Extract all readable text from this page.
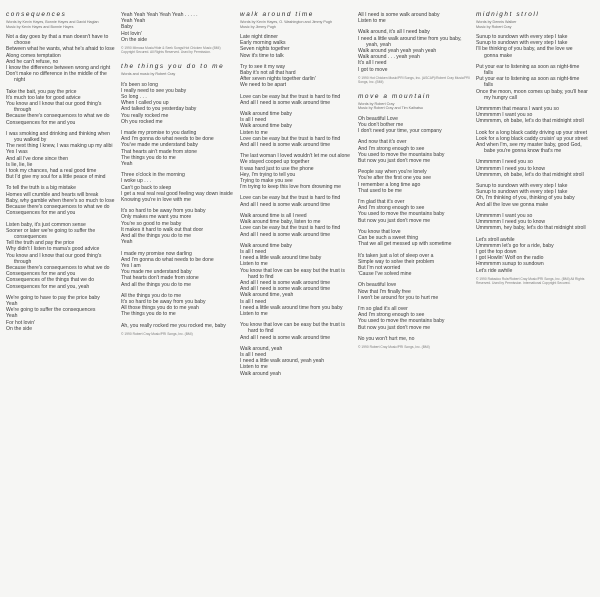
consequences
Words by Kevin Hayes, Bonnie Hayes and David Haglan
Music by Kevin Hayes and Bonnie Hayes
Not a day goes by that a man doesn't have to choose
Between what he wants, what he's afraid to lose
Along comes temptation
And he can't refuse, no
I know the difference between wrong and right
Don't make no difference in the middle of the night
Take the bait, you pay the price
It's much too late for good advice
You know and I know that our good thing's through
Because there's consequences to what we do
Consequences for me and you
I was smoking and drinking and thinking when you walked by
The next thing I knew, I was making up my alibi
Yes I was
And all I've done since then
Is lie, lie, lie
I took my chances, had a real good time
But I'd give my soul for a little peace of mind
To tell the truth is a big mistake
Homes will crumble and hearts will break
Baby, why gamble when there's so much to lose
Because there's consequences to what we do
Consequences for me and you
Listen baby, it's just common sense
Sooner or later we're going to suffer the consequences
Tell the truth and pay the price
Why didn't I listen to mama's good advice
You know and I know that our good thing's through
Because there's consequences to what we do
Consequences for me and you
Consequences of the things that we do
Consequences for me and you, yeah
We're going to have to pay the price baby
Yeah
We're going to suffer the consequences
Yeah
For hot lovin'
On the side
Yeah Yeah Yeah Yeah Yeah . . . . .
Yeah Yeah
Baby
Hot lovin'
On the side
© 1990 Mimosa Music/Hide & Seek Songs/Hot Chicken Music (BMI) Copyright Secured. All Rights Reserved. Used by Permission.
the things you do to me
Words and music by Robert Cray
It's been so long
I really need to see you baby
So long . . .
When I called you up
And talked to you yesterday baby
You really rocked me
Oh you rocked me
I made my promise to you darling
And I'm gonna do what needs to be done
You've made me understand baby
That hearts ain't made from stone
The things you do to me
Yeah
Three o'clock in the morning
I woke up . . .
Can't go back to sleep
I get a real real real good feeling way down inside
Knowing you're in love with me
It's so hard to be away from you baby
Only makes me want you more
You're so good to me baby
It makes it hard to walk out that door
And all the things you do to me
Yeah
I made my promise now darling
And I'm gonna do what needs to be done
Yes I am
You made me understand baby
That hearts don't made from stone
And all the things you do to me
All the things you do to me
It's so hard to be away from you baby
All those things you do to me yeah
The things you do to me
Ah, you really rocked me you rocked me, baby
© 1990 Robert Cray Music/PRI Songs, Inc. (BMI)
walk around time
Words by Kevin Hayes, O. Washington and Jimmy Pugh
Music by Jimmy Pugh
Late night dinner
Early morning walks
Seven nights together
Now it's time to talk
Try to see it my way
Baby it's not all that hard
After seven nights together darlin'
We need to be apart
Love can be easy but the trust is hard to find
And all I need is some walk around time
Walk around time baby
Is all I need
Walk around time baby
Listen to me
Love can be easy but the trust is hard to find
And all I need is some walk around time
The last woman I loved wouldn't let me out alone
We stayed cooped up together
It was hard just to use the phone
Hey, I'm trying to tell you
Trying to make you see
I'm trying to keep this love from drowning me
Love can be easy but the trust is hard to find
And all I need is some walk around time
Walk around time is all I need
Walk around time baby, listen to me
Love can be easy but the trust is hard to find
And all I need is some walk around time
Walk around time baby
Is all I need
I need a little walk around time baby
Listen to me
You know that love can be easy but the trust is hard to find
And all I need is some walk around time
And all I need is some walk around time
Walk around time, yeah
Is all I need
I need a little walk around time from you baby
Listen to me
You know that love can be easy but the trust is hard to find
And all I need is some walk around time
Walk around, yeah
Is all I need
I need a little walk around, yeah yeah
Listen to me
Walk around yeah
All I need is some walk around baby
Listen to me
Walk around, it's all I need baby
I need a little walk around time from you baby, yeah, yeah
Walk around yeah yeah yeah yeah
Walk around . . . yeah yeah
It's all I need
I got to move
© 1990 Hot Chicken Music/PRI Songs, Inc. (ASCAP)/Robert Cray Music/PRI Songs, Inc. (BMI)
move a mountain
Words by Robert Cray
Music by Robert Cray and Tim Kaihatsu
Oh beautiful Love
You don't bother me
I don't need your time, your company
And now that it's over
And I'm strong enough to see
You used to move the mountains baby
But now you just don't move me
People say when you're lonely
You're after the first one you see
I remember a long time ago
That used to be me
I'm glad that it's over
And I'm strong enough to see
You used to move the mountains baby
But now you just don't move me
You know that love
Can be such a sweet thing
That we all get messed up with sometime
It's taken just a lot of sleep over a
Simple way to solve their problem
But I'm not worried
'Cause I've solved mine
Oh beautiful love
Now that I'm finally free
I won't be around for you to hurt me
I'm so glad it's all over
And I'm strong enough to see
You used to move the mountains baby
But now you just don't move me
No you won't hurt me, no
© 1990 Robert Cray Music/PRI Songs, Inc. (BMI)
midnight stroll
Words by Dennis Walker
Music by Robert Cray
Sunup to sundown with every step I take
Sunup to sundown with every step I take
I'll be thinking of you baby, and the love we gonna make
Put your ear to listening as soon as night-time falls
Put your ear to listening as soon as night-time falls
Once the moon, moon comes up baby, you'll hear my hungry call
Ummmmm that means I want you so
Ummmmm I want you so
Ummmmm, oh babe, let's do that midnight stroll
Look for a long black caddy driving up your street
Look for a long black caddy cruisin' up your street
And when I'm, see my master baby, good God, babe you're gonna know that's me
Ummmmm I need you so
Ummmmm I need you to know
Ummmmm, oh babe, let's do that midnight stroll
Sunup to sundown with every step I take
Sunup to sundown with every step I take
Oh, I'm thinking of you, thinking of you baby
And all the love we gonna make
Ummmmm I want you so
Ummmmm I need you to know
Ummmmm, hey baby, let's do that midnight stroll
Let's stroll awhile
Ummmmm let's go for a ride, baby
I got the top down
I got Howlin' Wolf on the radio
Hmmmmm sunup to sundown
Let's ride awhile
© 1990 Rabadoo Rule/Robert Cray Music/PRI Songs, Inc. (BMI) All Rights Reserved. Used by Permission. International Copyright Secured.
